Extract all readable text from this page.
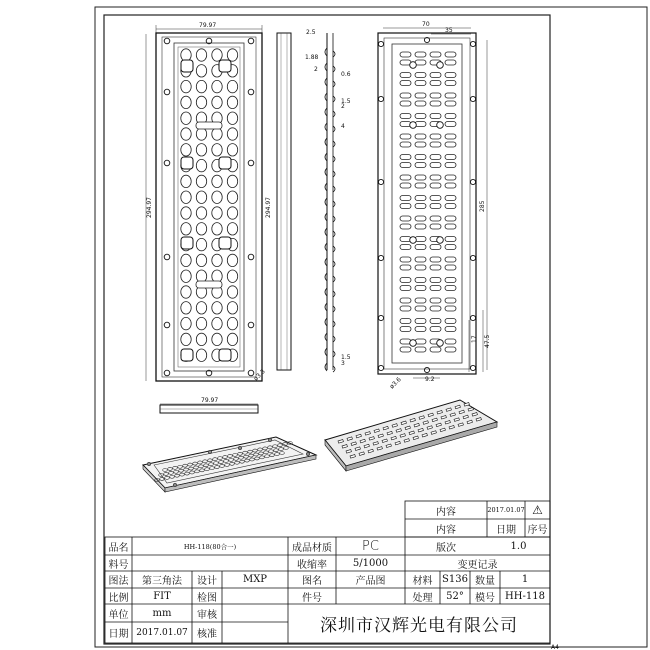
A4
79.97
294.97
ø3.3
294.97
2.5
1.88
2
0.6
1.5
2
4
1.5
3
70
35
285
17 47.5
ø3.6	9.2
79.97
内容	2017.01.07 ⚠
内容	日期	序号
品名	HH-118(80合一)	成品材质	PC	版次	1.0
料号	收缩率	5/1000	变更记录
图法	第三角法	设计	MXP	图名	产品图	材料 S136 数量	1
比例	FIT	检图	件号	处理	52°	模号	HH-118
单位	mm	审核
日期 2017.01.07 核准	深圳市汉辉光电有限公司
